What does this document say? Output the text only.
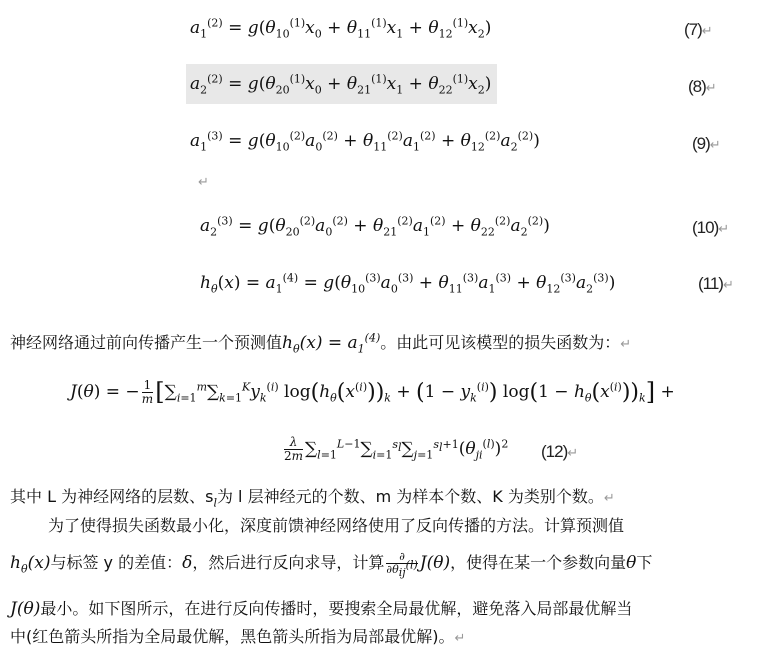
$a_1^{(2)} = g(\theta_{10}^{(1)}x_0 + \theta_{11}^{(1)}x_1 + \theta_{12}^{(1)}x_2)$	(7)↵
$a_2^{(2)} = g(\theta_{20}^{(1)}x_0 + \theta_{21}^{(1)}x_1 + \theta_{22}^{(1)}x_2)$	(8)↵
$a_1^{(3)} = g(\theta_{10}^{(2)}a_0^{(2)} + \theta_{11}^{(2)}a_1^{(2)} + \theta_{12}^{(2)}a_2^{(2)})$	(9)↵
↵
$a_2^{(3)} = g(\theta_{20}^{(2)}a_0^{(2)} + \theta_{21}^{(2)}a_1^{(2)} + \theta_{22}^{(2)}a_2^{(2)})$	(10)↵
$h_\theta(x) = a_1^{(4)} = g(\theta_{10}^{(3)}a_0^{(3)} + \theta_{11}^{(3)}a_1^{(3)} + \theta_{12}^{(3)}a_2^{(3)})$	(11)↵
神经网络通过前向传播产生一个预测值$h_\theta(x) = a_1^{(4)}$。由此可见该模型的损失函数为：↵
J(θ) = − $\frac{1}{m} [\sum_{i=1}^m\sum_{k=1}^Ky_k^{(i)}$ $\log(h_\theta(x^{(i)}))_k + (1 - y_k^{(i)}) \log(1 - h_\theta(x^{(i)}))_k$] +
$\frac{\lambda}{2m} \sum_{l=1}^{L-1}\sum_{i=1}^{s_l}\sum_{j=1}^{s_l+1}(\theta_{ji}^{(l)})^2$ (12)↵
其中 L 为神经网络的层数、$s_l$为 l 层神经元的个数、m 为样本个数、K 为类别个数。↵
为了使得损失函数最小化，深度前馈神经网络使用了反向传播的方法。计算预测值
$h_\theta(x)$与标签 y 的差值：δ，然后进行反向求导，计算 $\frac{\partial}{\partial\theta_{ij}^{(l)}} J(\theta)$，使得在某一个参数向量θ下
J(θ)最小。如下图所示，在进行反向传播时，要搜索全局最优解，避免落入局部最优解当
中(红色箭头所指为全局最优解，黑色箭头所指为局部最优解)。↵
